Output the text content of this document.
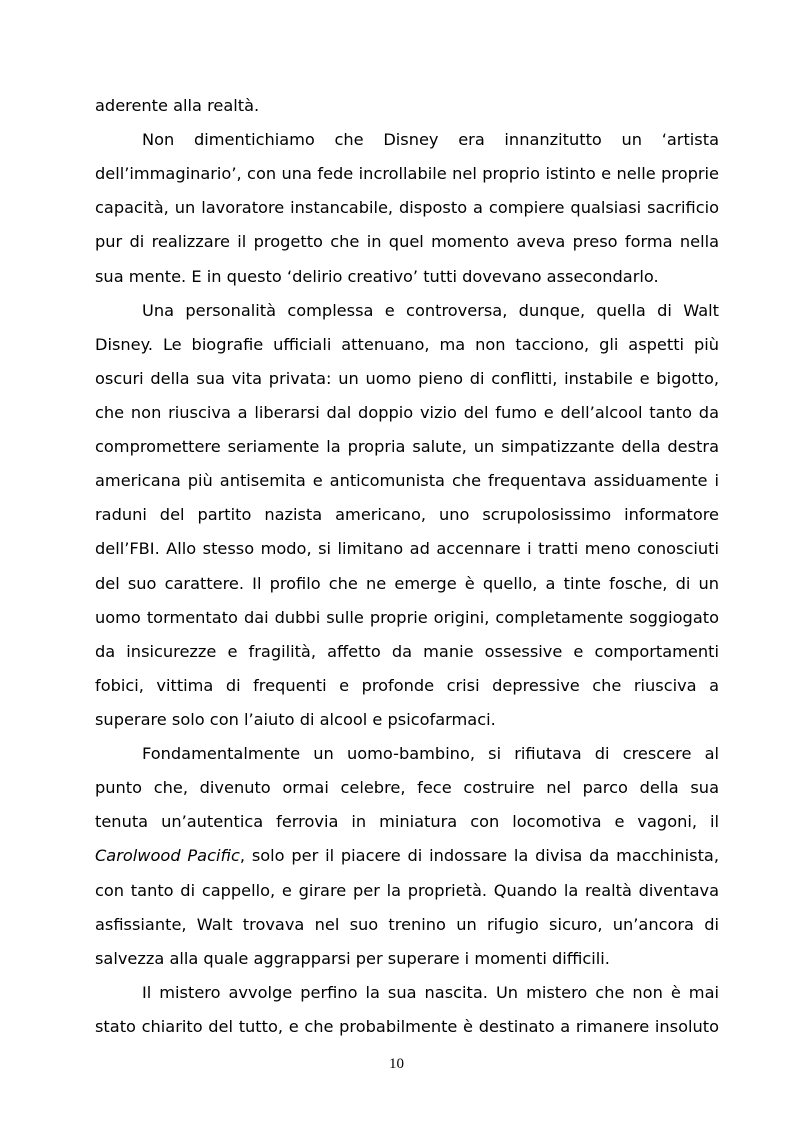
aderente alla realtà.
Non dimentichiamo che Disney era innanzitutto un ‘artista
dell’immaginario’, con una fede incrollabile nel proprio istinto e nelle proprie
capacità, un lavoratore instancabile, disposto a compiere qualsiasi sacrificio
pur di realizzare il progetto che in quel momento aveva preso forma nella
sua mente. E in questo ‘delirio creativo’ tutti dovevano assecondarlo.
Una personalità complessa e controversa, dunque, quella di Walt
Disney. Le biografie ufficiali attenuano, ma non tacciono, gli aspetti più
oscuri della sua vita privata: un uomo pieno di conflitti, instabile e bigotto,
che non riusciva a liberarsi dal doppio vizio del fumo e dell’alcool tanto da
compromettere seriamente la propria salute, un simpatizzante della destra
americana più antisemita e anticomunista che frequentava assiduamente i
raduni del partito nazista americano, uno scrupolosissimo informatore
dell’FBI. Allo stesso modo, si limitano ad accennare i tratti meno conosciuti
del suo carattere. Il profilo che ne emerge è quello, a tinte fosche, di un
uomo tormentato dai dubbi sulle proprie origini, completamente soggiogato
da insicurezze e fragilità, affetto da manie ossessive e comportamenti
fobici, vittima di frequenti e profonde crisi depressive che riusciva a
superare solo con l’aiuto di alcool e psicofarmaci.
Fondamentalmente un uomo-bambino, si rifiutava di crescere al
punto che, divenuto ormai celebre, fece costruire nel parco della sua
tenuta un’autentica ferrovia in miniatura con locomotiva e vagoni, il
Carolwood Pacific, solo per il piacere di indossare la divisa da macchinista,
con tanto di cappello, e girare per la proprietà. Quando la realtà diventava
asfissiante, Walt trovava nel suo trenino un rifugio sicuro, un’ancora di
salvezza alla quale aggrapparsi per superare i momenti difficili.
Il mistero avvolge perfino la sua nascita. Un mistero che non è mai
stato chiarito del tutto, e che probabilmente è destinato a rimanere insoluto
10
